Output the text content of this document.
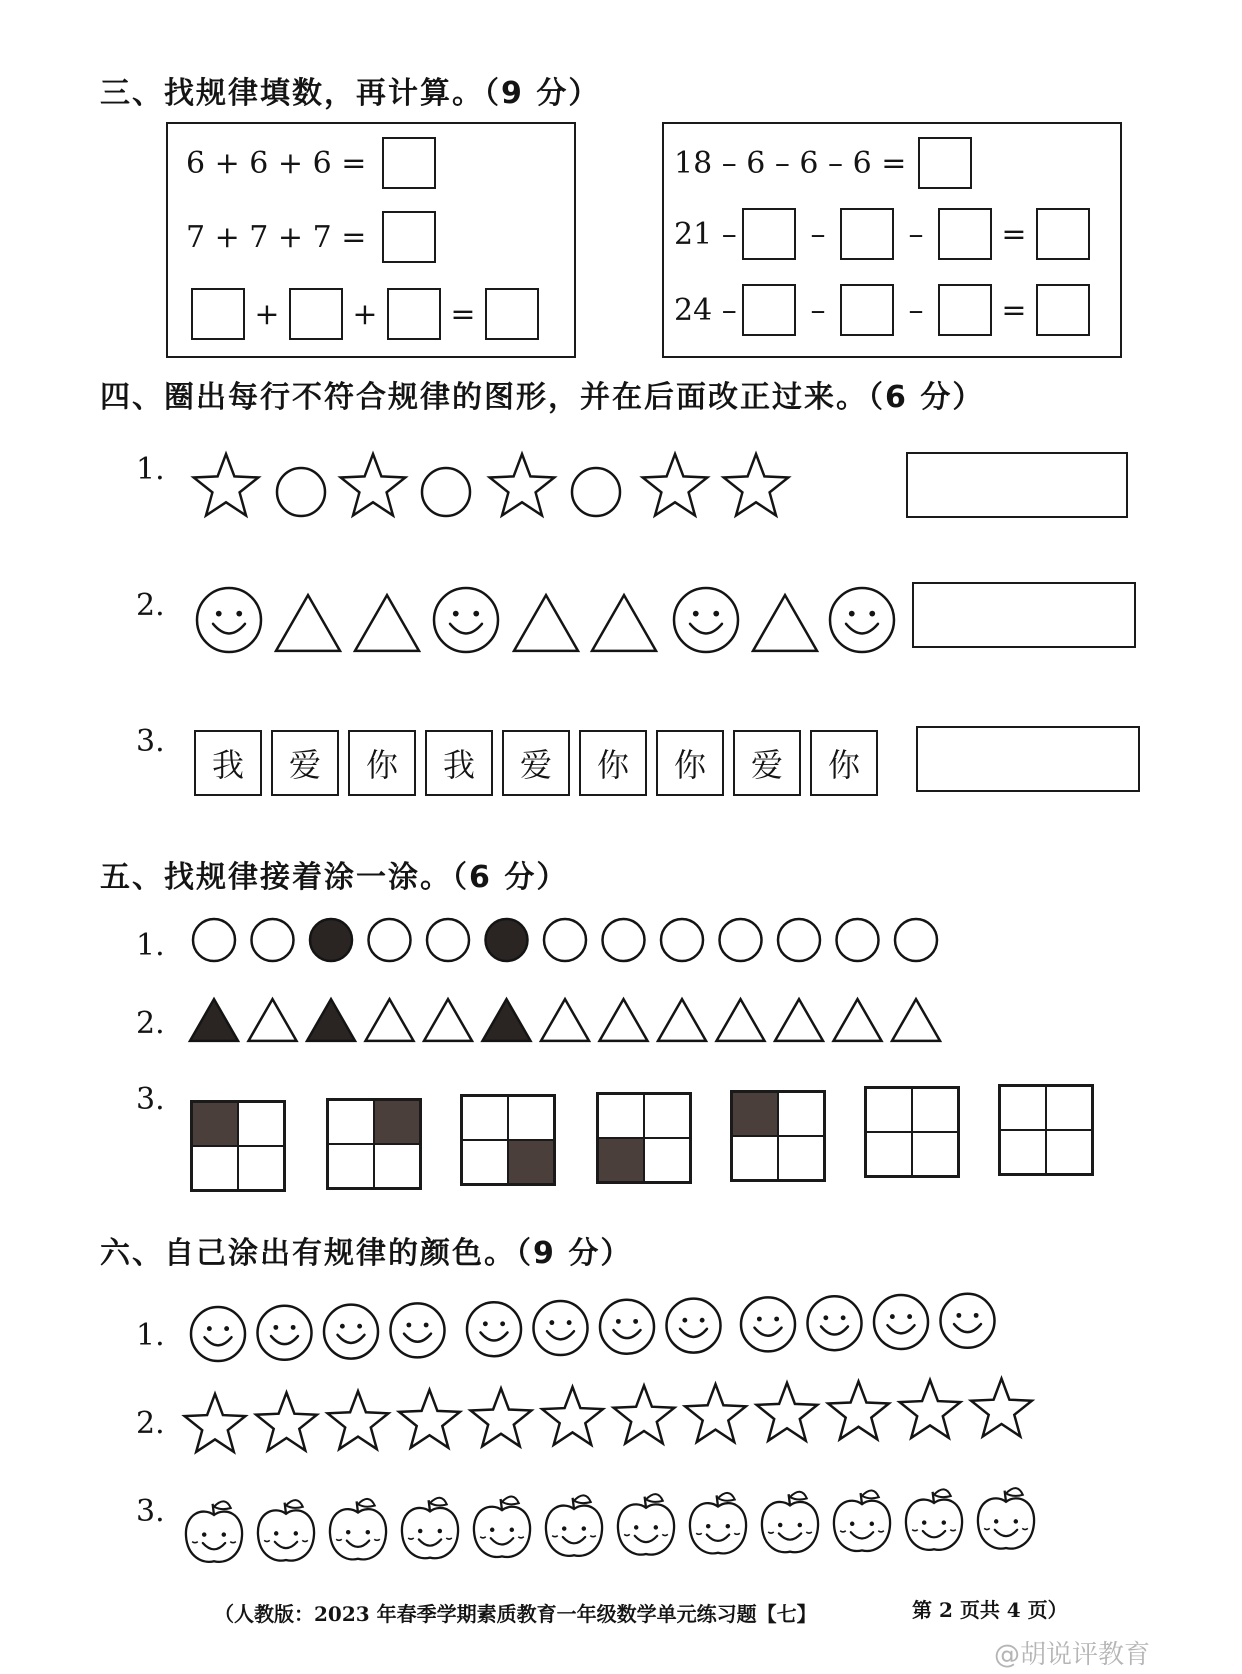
三、找规律填数，再计算。（9 分）
6 + 6 + 6 =
7 + 7 + 7 =
+	+	=
18 – 6 – 6 – 6 =
21 –	–	–	=
24 –	–	–	=
四、圈出每行不符合规律的图形，并在后面改正过来。（6 分）
1.
2.
3.
我	爱	你	我	爱	你	你	爱	你
五、找规律接着涂一涂。（6 分）
1.
2.
3.
六、自己涂出有规律的颜色。（9 分）
1.
2.
3.
（人教版：2023 年春季学期素质教育一年级数学单元练习题【七】	第 2 页共 4 页）
@胡说评教育
